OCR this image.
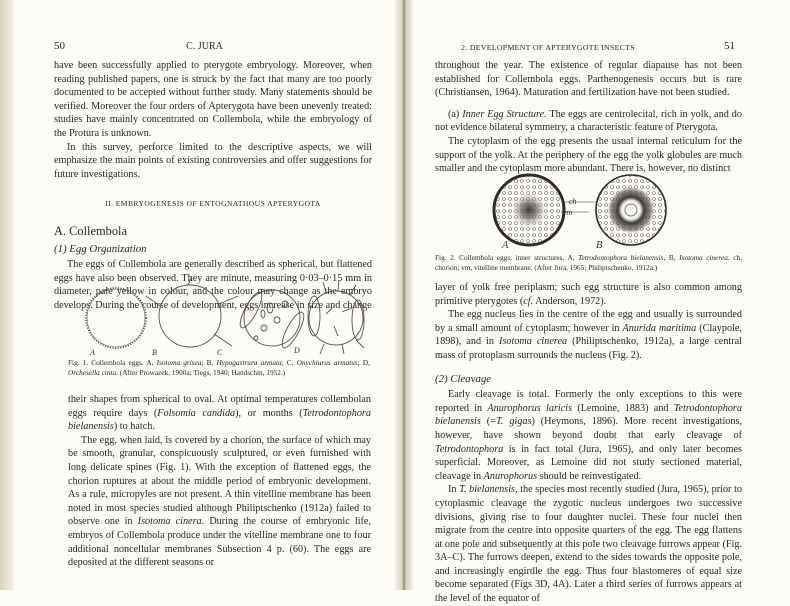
50	C. JURA

have been successfully applied to pterygote embryology. Moreover, when reading published papers, one is struck by the fact that many are too poorly documented to be accepted without further study. Many statements should be verified. Moreover the four orders of Apterygota have been unevenly treated: studies have mainly concentrated on Collembola, while the embryology of the Protura is unknown.

In this survey, perforce limited to the descriptive aspects, we will emphasize the main points of existing controversies and offer suggestions for future investigations.

II. EMBRYOGENESIS OF ENTOGNATHOUS APTERYGOTA
A. Collembola
(1) Egg Organization

The eggs of Collembola are generally described as spherical, but flattened eggs have also been observed. They are minute, measuring 0·03–0·15 mm in diameter, pale yellow in colour, and the colour may change as the embryo develops. During the course of development, eggs increase in size and change

A	B	C	D
Fig. 1. Collembola eggs. A, Isotoma grisea; B, Hypogastrura armata; C, Onychiurus armatus; D, Orchesella cinta. (After Prowazek, 1900a; Tiegs, 1940; Handschin, 1952.)

their shapes from spherical to oval. At optimal temperatures collembolan eggs require days (Folsomia candida), or months (Tetrodontophora bielanensis) to hatch.

The egg, when laid, is covered by a chorion, the surface of which may be smooth, granular, conspicuously sculptured, or even furnished with long delicate spines (Fig. 1). With the exception of flattened eggs, the chorion ruptures at about the middle period of embryonic development. As a rule, micropyles are not present. A thin vitelline membrane has been noted in most species studied although Philiptschenko (1912a) failed to observe one in Isotoma cinera. During the course of embryonic life, embryos of Collembola produce under the vitelline membrane one to four additional noncellular membranes Subsection 4 p. (60). The eggs are deposited at the different seasons or

2. DEVELOPMENT OF APTERYGOTE INSECTS	51

throughout the year. The existence of regular diapause has not been established for Collembola eggs. Parthenogenesis occurs but is rare (Christiansen, 1964). Maturation and fertilization have not been studied.

(a) Inner Egg Structure. The eggs are centrolecital, rich in yolk, and do not evidence bilateral symmetry, a characteristic feature of Pterygota.

The cytoplasm of the egg presents the usual internal reticulum for the support of the yolk. At the periphery of the egg the yolk globules are much smaller and the cytoplasm more abundant. There is, however, no distinct

ch
vm
A	B
Fig. 2. Collembola eggs, inner structures. A, Tetrodontophora bielanensis, B, Isotoma cinerea. ch, chorion; vm, vitelline membrane. (After Jura, 1965; Philiptschenko, 1912a.)

layer of yolk free periplasm; such egg structure is also common among primitive pterygotes (cf. Anderson, 1972).

The egg nucleus lies in the centre of the egg and usually is surrounded by a small amount of cytoplasm; however in Anurida maritima (Claypole, 1898), and in Isotoma cinerea (Philiptschenko, 1912a), a large central mass of protoplasm surrounds the nucleus (Fig. 2).

(2) Cleavage

Early cleavage is total. Formerly the only exceptions to this were reported in Anurophorus laricis (Lemoine, 1883) and Tetrodontophora bielanensis (=T. gigas) (Heymons, 1896). More recent investigations, however, have shown beyond doubt that early cleavage of Tetrodontophora is in fact total (Jura, 1965), and only later becomes superficial. Moreover, as Lemoine did not study sectioned material, cleavage in Anurophorus should be reinvestigated.

In T. bielanensis, the species most recently studied (Jura, 1965), prior to cytoplasmic cleavage the zygotic nucleus undergoes two successive divisions, giving rise to four daughter nuclei. These four nuclei then migrate from the centre into opposite quarters of the egg. The egg flattens at one pole and subsequently at this pole two cleavage furrows appear (Fig. 3A–C). The furrows deepen, extend to the sides towards the opposite pole, and increasingly engirdle the egg. Thus four blastomeres of equal size become separated (Figs 3D, 4A). Later a third series of furrows appears at the level of the equator of
